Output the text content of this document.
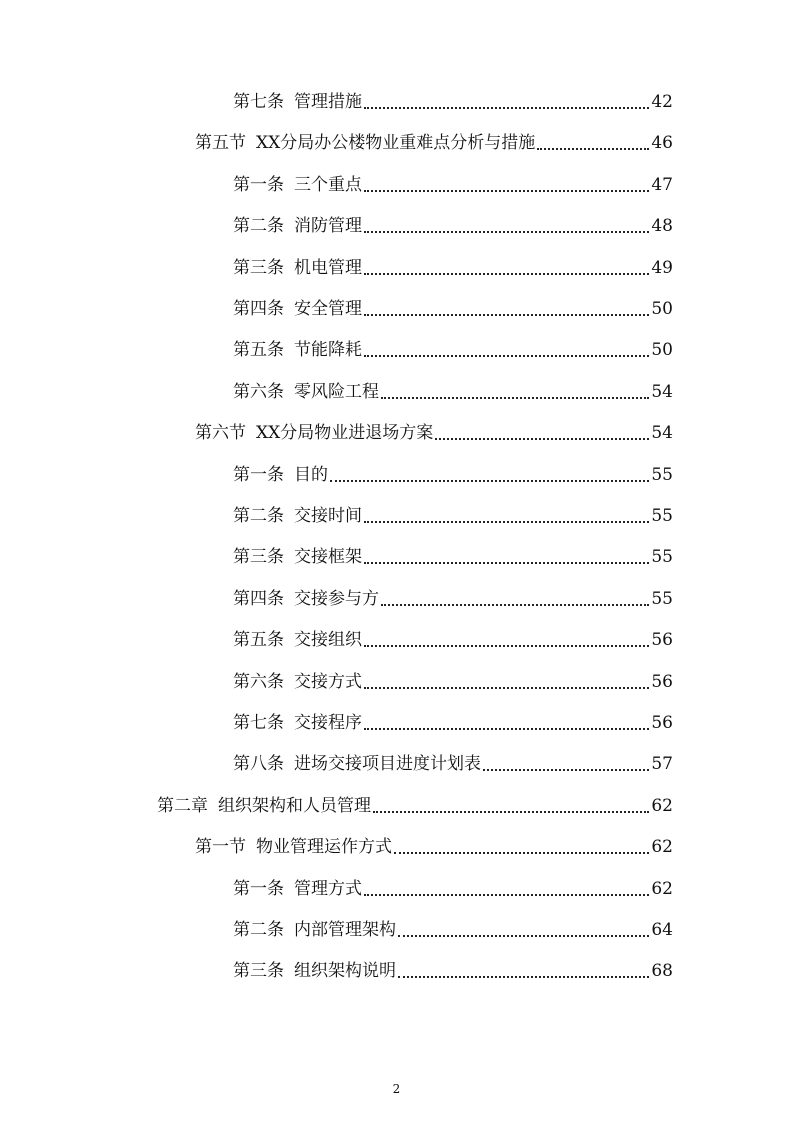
第七条 管理措施	42
第五节 XX分局办公楼物业重难点分析与措施	46
第一条 三个重点	47
第二条 消防管理	48
第三条 机电管理	49
第四条 安全管理	50
第五条 节能降耗	50
第六条 零风险工程	54
第六节 XX分局物业进退场方案	54
第一条 目的	55
第二条 交接时间	55
第三条 交接框架	55
第四条 交接参与方	55
第五条 交接组织	56
第六条 交接方式	56
第七条 交接程序	56
第八条 进场交接项目进度计划表	57
第二章 组织架构和人员管理	62
第一节 物业管理运作方式	62
第一条 管理方式	62
第二条 内部管理架构	64
第三条 组织架构说明	68
2
